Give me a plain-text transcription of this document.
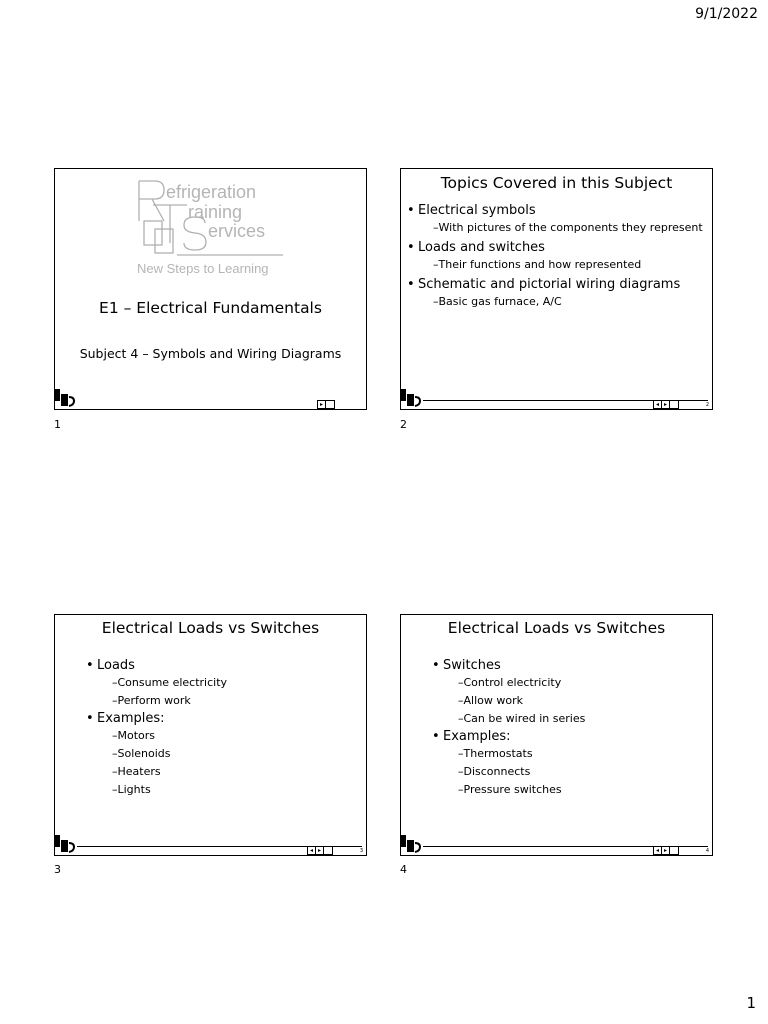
9/1/2022
efrigeration
raining
ervices
New Steps to Learning
E1 – Electrical Fundamentals
Subject 4 – Symbols and Wiring Diagrams
▸
1
Topics Covered in this Subject
• Electrical symbols
– With pictures of the components they represent
• Loads and switches
– Their functions and how represented
• Schematic and pictorial wiring diagrams
– Basic gas furnace, A/C
◂ ▸	2
2
Electrical Loads vs Switches
• Loads
– Consume electricity
– Perform work
• Examples:
– Motors
– Solenoids
– Heaters
– Lights
◂ ▸	3
3
Electrical Loads vs Switches
• Switches
– Control electricity
– Allow work
– Can be wired in series
• Examples:
– Thermostats
– Disconnects
– Pressure switches
◂ ▸	4
4
1
